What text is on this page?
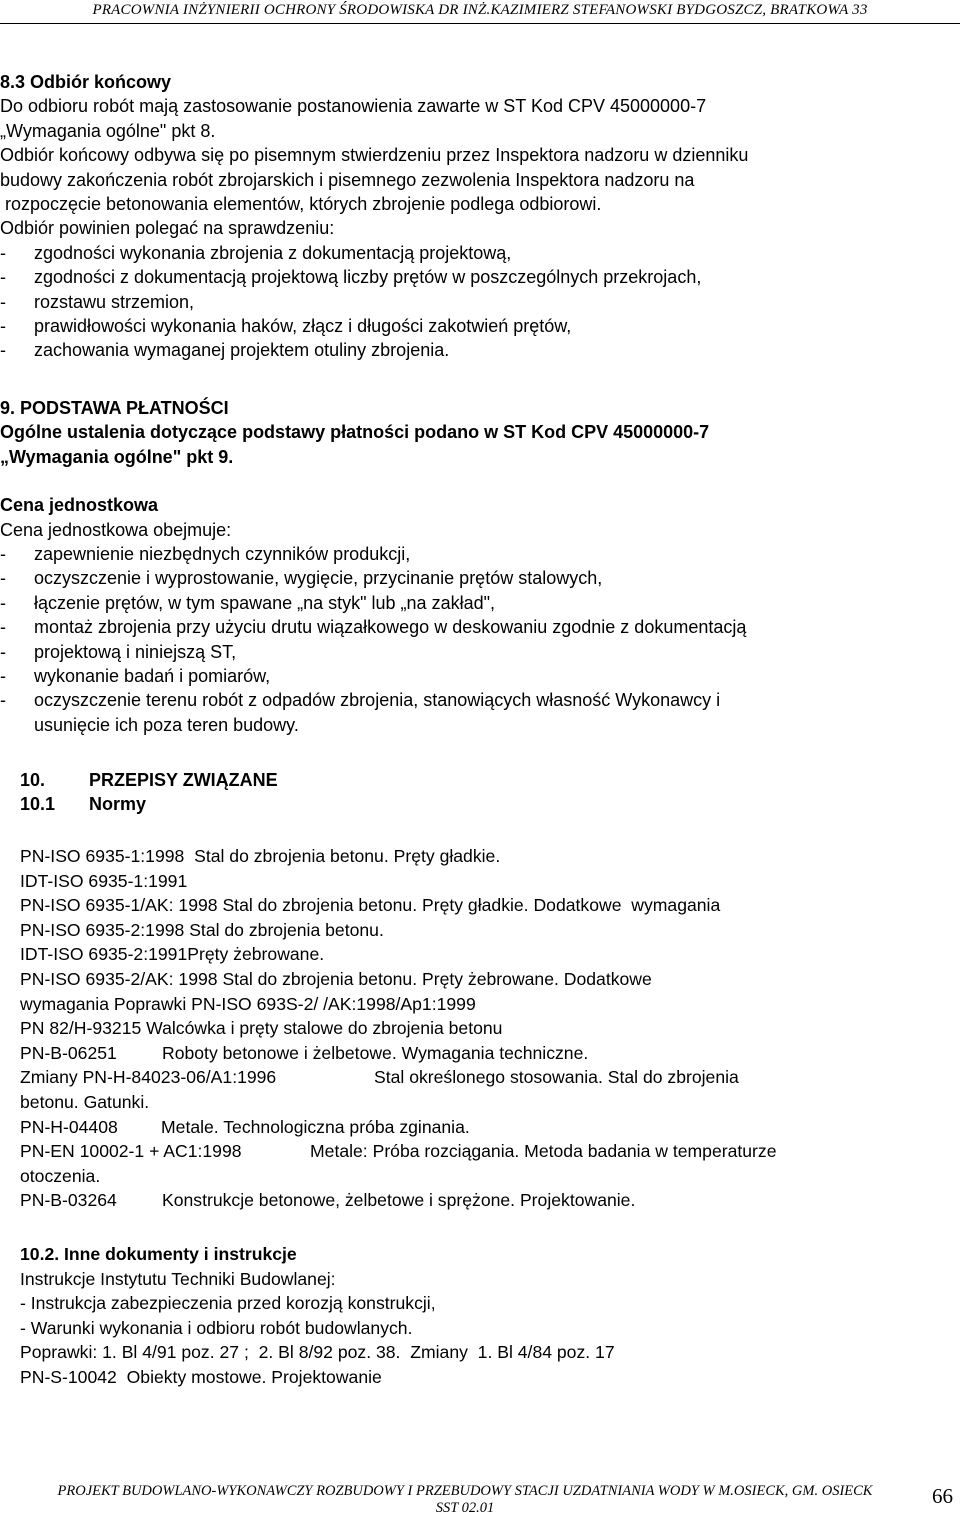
PRACOWNIA INŻYNIERII OCHRONY ŚRODOWISKA DR INŻ.KAZIMIERZ STEFANOWSKI BYDGOSZCZ, BRATKOWA 33

8.3 Odbiór końcowy

Do odbioru robót mają zastosowanie postanowienia zawarte w ST Kod CPV 45000000-7

„Wymagania ogólne" pkt 8.

Odbiór końcowy odbywa się po pisemnym stwierdzeniu przez Inspektora nadzoru w dzienniku

budowy zakończenia robót zbrojarskich i pisemnego zezwolenia Inspektora nadzoru na

rozpoczęcie betonowania elementów, których zbrojenie podlega odbiorowi.

Odbiór powinien polegać na sprawdzeniu:

-	zgodności wykonania zbrojenia z dokumentacją projektową,
-	zgodności z dokumentacją projektową liczby prętów w poszczególnych przekrojach,
-	rozstawu strzemion,
-	prawidłowości wykonania haków, złącz i długości zakotwień prętów,
-	zachowania wymaganej projektem otuliny zbrojenia.

9. PODSTAWA PŁATNOŚCI

Ogólne ustalenia dotyczące podstawy płatności podano w ST Kod CPV 45000000-7

„Wymagania ogólne" pkt 9.

Cena jednostkowa

Cena jednostkowa obejmuje:

-	zapewnienie niezbędnych czynników produkcji,
-	oczyszczenie i wyprostowanie, wygięcie, przycinanie prętów stalowych,
-	łączenie prętów, w tym spawane „na styk" lub „na zakład",
-	montaż zbrojenia przy użyciu drutu wiązałkowego w deskowaniu zgodnie z dokumentacją
-	projektową i niniejszą ST,
-	wykonanie badań i pomiarów,
-	oczyszczenie terenu robót z odpadów zbrojenia, stanowiących własność Wykonawcy i

usunięcie ich poza teren budowy.

10. PRZEPISY ZWIĄZANE

10.1 Normy

PN-ISO 6935-1:1998  Stal do zbrojenia betonu. Pręty gładkie.

IDT-ISO 6935-1:1991

PN-ISO 6935-1/AK: 1998 Stal do zbrojenia betonu. Pręty gładkie. Dodatkowe  wymagania

PN-ISO 6935-2:1998 Stal do zbrojenia betonu.

IDT-ISO 6935-2:1991Pręty żebrowane.

PN-ISO 6935-2/AK: 1998 Stal do zbrojenia betonu. Pręty żebrowane. Dodatkowe

wymagania Poprawki PN-ISO 693S-2/ /AK:1998/Ap1:1999

PN 82/H-93215 Walcówka i pręty stalowe do zbrojenia betonu

PN-B-06251	Roboty betonowe i żelbetowe. Wymagania techniczne.

Zmiany PN-H-84023-06/A1:1996	Stal określonego stosowania. Stal do zbrojenia

betonu. Gatunki.

PN-H-04408 Metale. Technologiczna próba zginania.

PN-EN 10002-1 + AC1:1998	Metale: Próba rozciągania. Metoda badania w temperaturze

otoczenia.

PN-B-03264	Konstrukcje betonowe, żelbetowe i sprężone. Projektowanie.

10.2. Inne dokumenty i instrukcje

Instrukcje Instytutu Techniki Budowlanej:

- Instrukcja zabezpieczenia przed korozją konstrukcji,

- Warunki wykonania i odbioru robót budowlanych.

Poprawki: 1. Bl 4/91 poz. 27 ;  2. Bl 8/92 poz. 38.  Zmiany  1. Bl 4/84 poz. 17

PN-S-10042  Obiekty mostowe. Projektowanie

PROJEKT BUDOWLANO-WYKONAWCZY ROZBUDOWY I PRZEBUDOWY STACJI UZDATNIANIA WODY W M.OSIECK, GM. OSIECK
SST 02.01	66
